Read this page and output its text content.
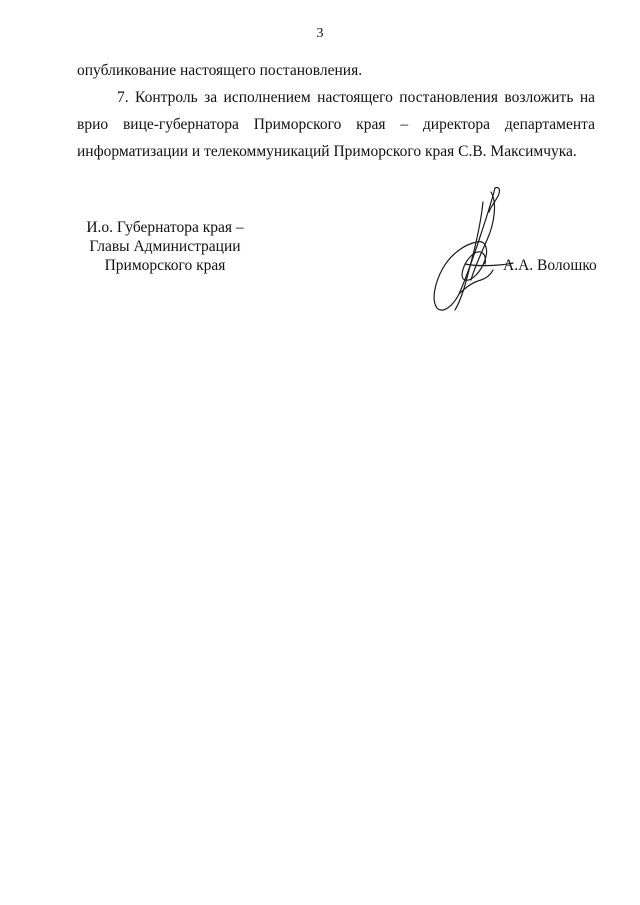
3

опубликование настоящего постановления.

7. Контроль за исполнением настоящего постановления возложить на врио вице-губернатора Приморского края – директора департамента информатизации и телекоммуникаций Приморского края С.В. Максимчука.

И.о. Губернатора края –
Главы Администрации
Приморского края	А.А. Волошко
